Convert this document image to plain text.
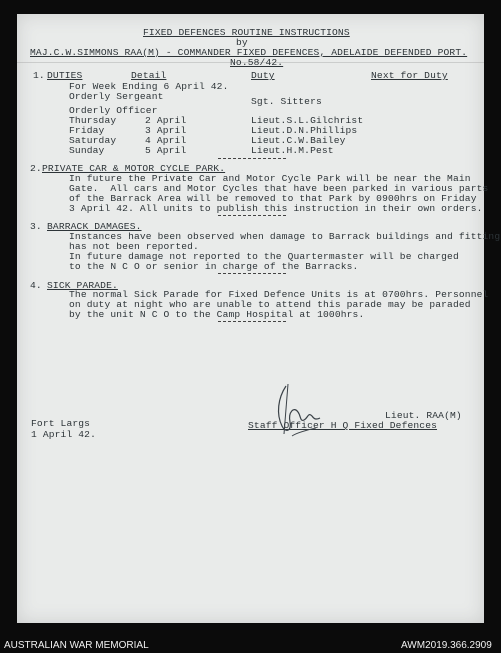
FIXED DEFENCES ROUTINE INSTRUCTIONS
by
MAJ.C.W.SIMMONS RAA(M) - COMMANDER FIXED DEFENCES, ADELAIDE DEFENDED PORT.
No.58/42.
1. DUTIES	Detail	Duty	Next for Duty
For Week Ending 6 April 42.
Orderly Sergeant	Sgt. Sitters
Orderly Officer
Thursday	2 April	Lieut.S.L.Gilchrist
Friday	3 April	Lieut.D.N.Phillips
Saturday	4 April	Lieut.C.W.Bailey
Sunday	5 April	Lieut.H.M.Pest
2. PRIVATE CAR & MOTOR CYCLE PARK.
In future the Private Car and Motor Cycle Park will be near the Main
Gate.  All cars and Motor Cycles that have been parked in various parts
of the Barrack Area will be removed to that Park by 0900hrs on Friday
3 April 42. All units to publish this instruction in their own orders.
3. BARRACK DAMAGES.
Instances have been observed when damage to Barrack buildings and fitting
has not been reported.
In future damage not reported to the Quartermaster will be charged
to the N C O or senior in charge of the Barracks.
4. SICK PARADE.
The normal Sick Parade for Fixed Defence Units is at 0700hrs. Personnel
on duty at night who are unable to attend this parade may be paraded
by the unit N C O to the Camp Hospital at 1000hrs.
Fort Largs
1 April 42.
Lieut. RAA(M)
Staff Officer H Q Fixed Defences
AUSTRALIAN WAR MEMORIAL	AWM2019.366.2909
